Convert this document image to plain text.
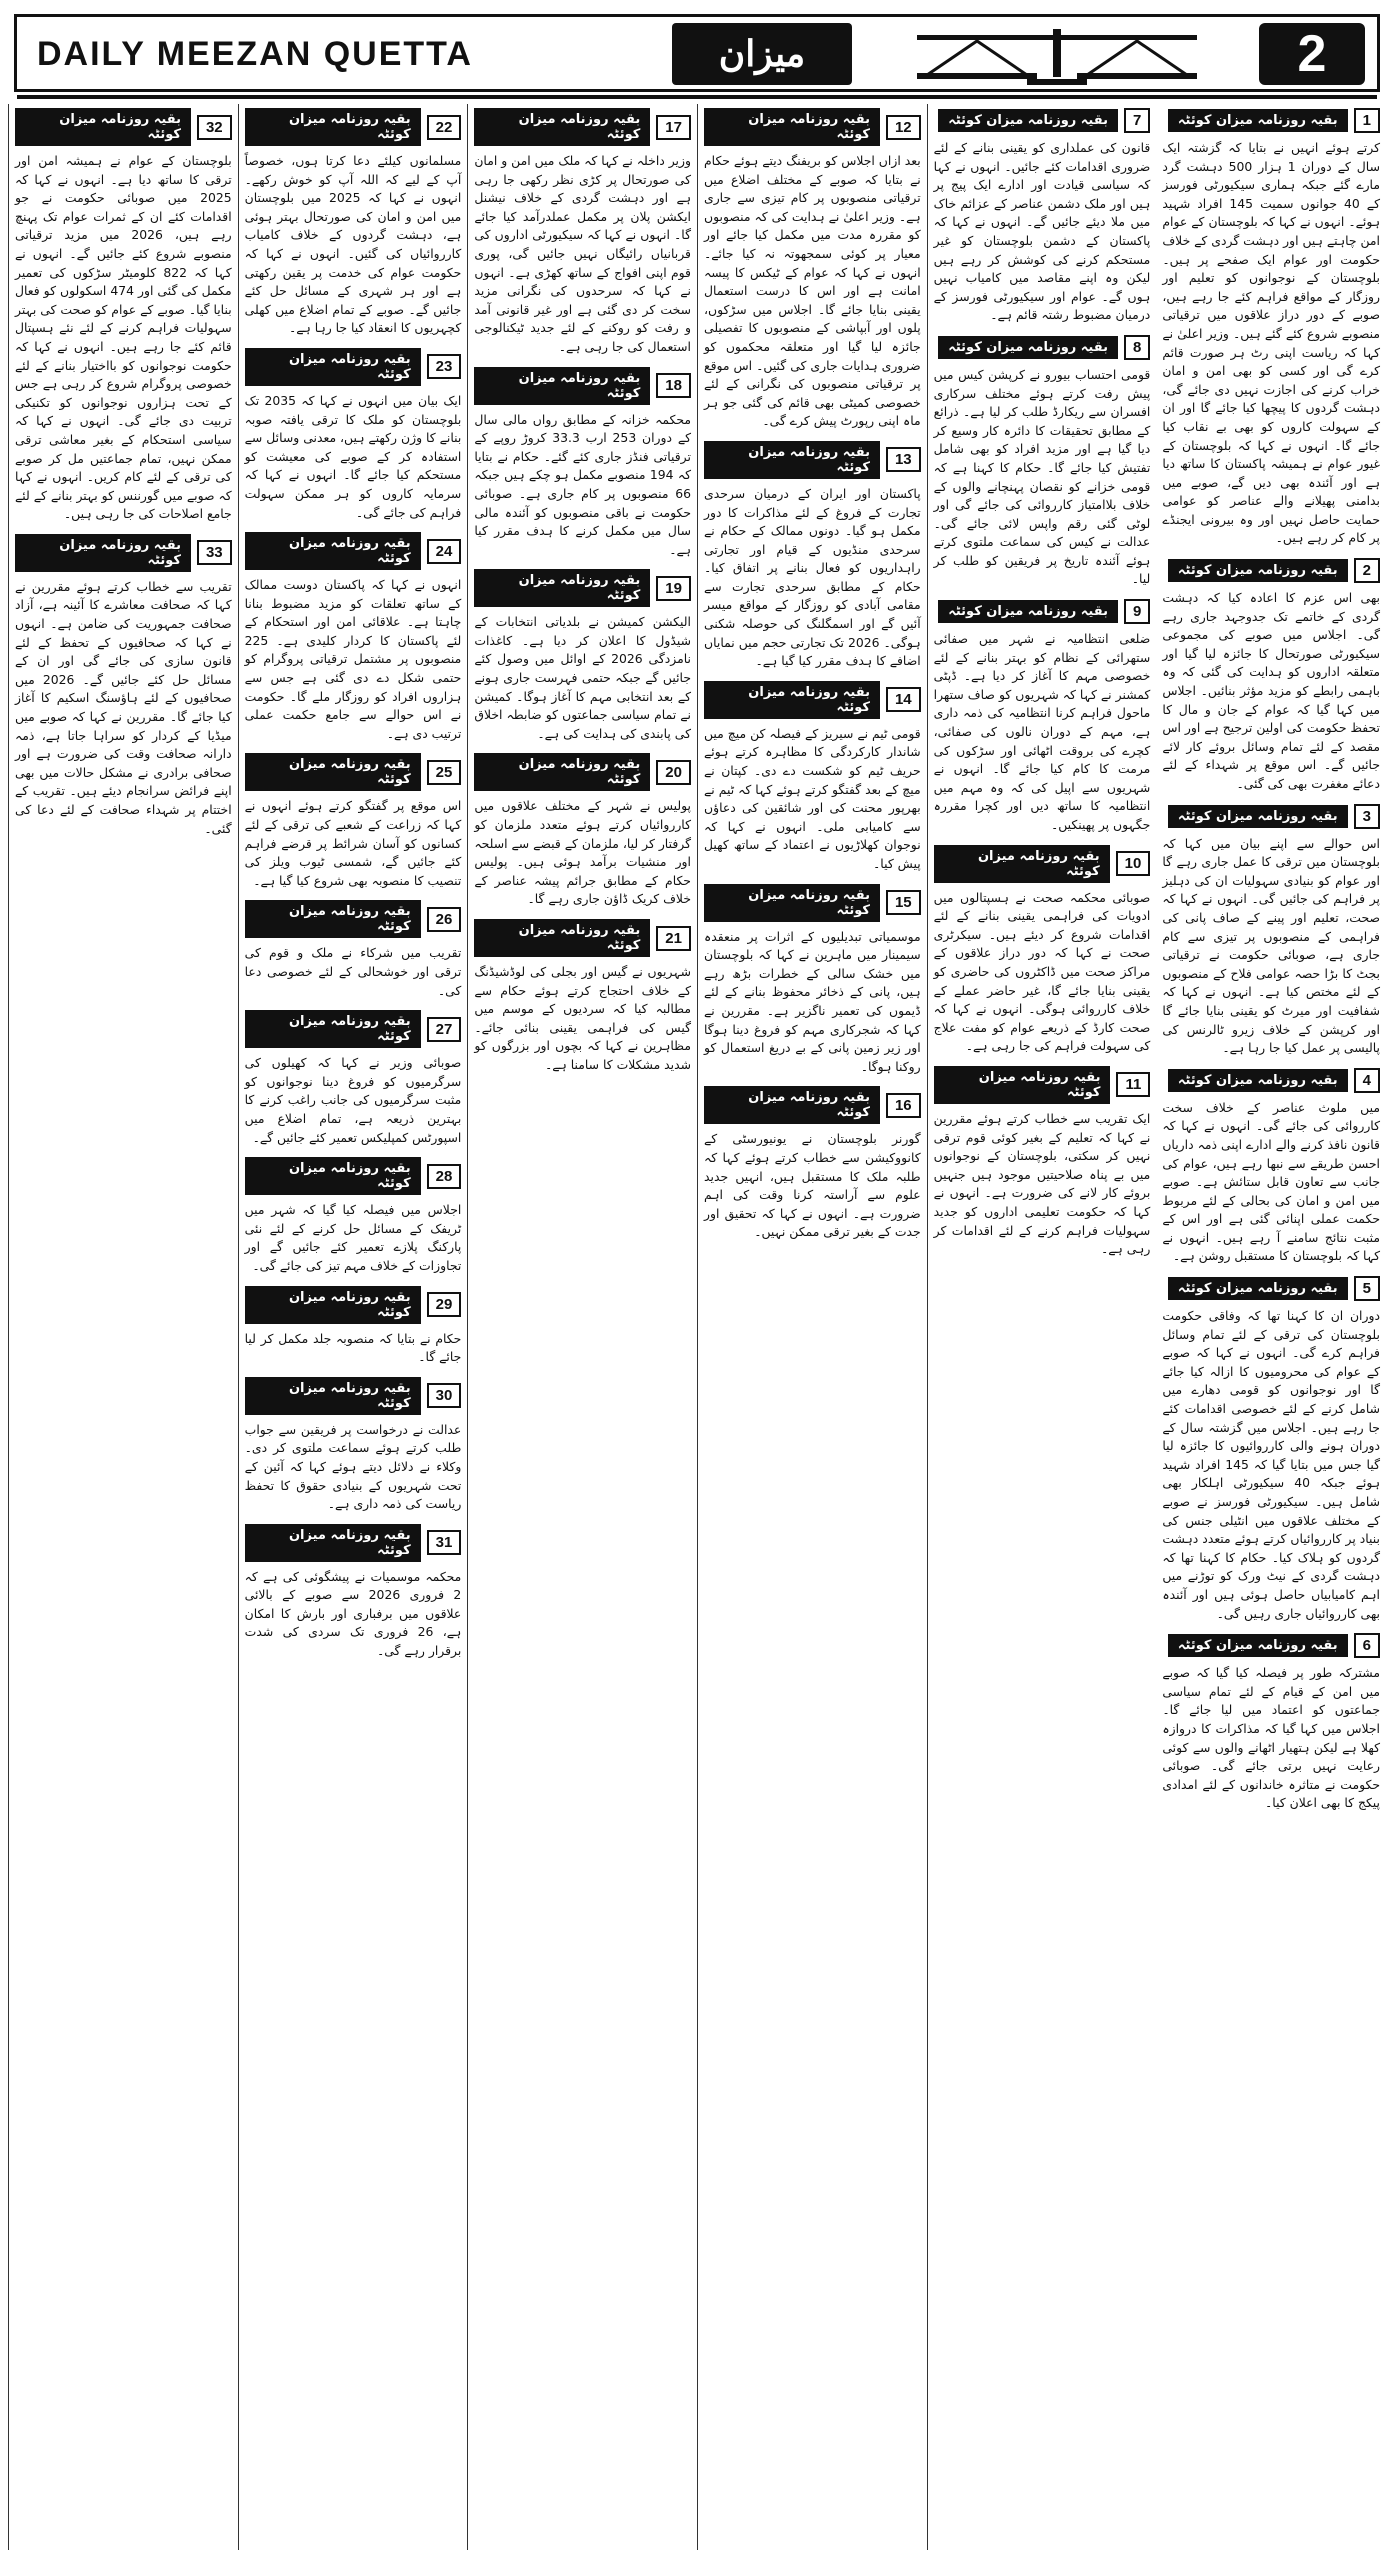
DAILY MEEZAN QUETTA	میزان	2
بقیہ روزنامہ میزان کوئٹہ	1

کرتے ہوئے انہیں نے بتایا کہ گزشتہ ایک سال کے دوران 1 ہزار 500 دہشت گرد مارے گئے جبکہ ہماری سیکیورٹی فورسز کے 40 جوانوں سمیت 145 افراد شہید ہوئے۔ انہوں نے کہا کہ بلوچستان کے عوام امن چاہتے ہیں اور دہشت گردی کے خلاف حکومت اور عوام ایک صفحے پر ہیں۔ بلوچستان کے نوجوانوں کو تعلیم اور روزگار کے مواقع فراہم کئے جا رہے ہیں، صوبے کے دور دراز علاقوں میں ترقیاتی منصوبے شروع کئے گئے ہیں۔ وزیر اعلیٰ نے کہا کہ ریاست اپنی رٹ ہر صورت قائم کرے گی اور کسی کو بھی امن و امان خراب کرنے کی اجازت نہیں دی جائے گی، دہشت گردوں کا پیچھا کیا جائے گا اور ان کے سہولت کاروں کو بھی بے نقاب کیا جائے گا۔ انہوں نے کہا کہ بلوچستان کے غیور عوام نے ہمیشہ پاکستان کا ساتھ دیا ہے اور آئندہ بھی دیں گے، صوبے میں بدامنی پھیلانے والے عناصر کو عوامی حمایت حاصل نہیں اور وہ بیرونی ایجنڈے پر کام کر رہے ہیں۔

بقیہ روزنامہ میزان کوئٹہ	2

بھی اس عزم کا اعادہ کیا کہ دہشت گردی کے خاتمے تک جدوجہد جاری رہے گی۔ اجلاس میں صوبے کی مجموعی سیکیورٹی صورتحال کا جائزہ لیا گیا اور متعلقہ اداروں کو ہدایت کی گئی کہ وہ باہمی رابطے کو مزید مؤثر بنائیں۔ اجلاس میں کہا گیا کہ عوام کے جان و مال کا تحفظ حکومت کی اولین ترجیح ہے اور اس مقصد کے لئے تمام وسائل بروئے کار لائے جائیں گے۔ اس موقع پر شہداء کے لئے دعائے مغفرت بھی کی گئی۔

بقیہ روزنامہ میزان کوئٹہ	3

اس حوالے سے اپنے بیان میں کہا کہ بلوچستان میں ترقی کا عمل جاری رہے گا اور عوام کو بنیادی سہولیات ان کی دہلیز پر فراہم کی جائیں گی۔ انہوں نے کہا کہ صحت، تعلیم اور پینے کے صاف پانی کی فراہمی کے منصوبوں پر تیزی سے کام جاری ہے، صوبائی حکومت نے ترقیاتی بجٹ کا بڑا حصہ عوامی فلاح کے منصوبوں کے لئے مختص کیا ہے۔ انہوں نے کہا کہ شفافیت اور میرٹ کو یقینی بنایا جائے گا اور کرپشن کے خلاف زیرو ٹالرنس کی پالیسی پر عمل کیا جا رہا ہے۔

بقیہ روزنامہ میزان کوئٹہ	4

میں ملوث عناصر کے خلاف سخت کارروائی کی جائے گی۔ انہوں نے کہا کہ قانون نافذ کرنے والے ادارے اپنی ذمہ داریاں احسن طریقے سے نبھا رہے ہیں، عوام کی جانب سے تعاون قابل ستائش ہے۔ صوبے میں امن و امان کی بحالی کے لئے مربوط حکمت عملی اپنائی گئی ہے اور اس کے مثبت نتائج سامنے آ رہے ہیں۔ انہوں نے کہا کہ بلوچستان کا مستقبل روشن ہے۔

بقیہ روزنامہ میزان کوئٹہ	5

دوران ان کا کہنا تھا کہ وفاقی حکومت بلوچستان کی ترقی کے لئے تمام وسائل فراہم کرے گی۔ انہوں نے کہا کہ صوبے کے عوام کی محرومیوں کا ازالہ کیا جائے گا اور نوجوانوں کو قومی دھارے میں شامل کرنے کے لئے خصوصی اقدامات کئے جا رہے ہیں۔ اجلاس میں گزشتہ سال کے دوران ہونے والی کارروائیوں کا جائزہ لیا گیا جس میں بتایا گیا کہ 145 افراد شہید ہوئے جبکہ 40 سیکیورٹی اہلکار بھی شامل ہیں۔ سیکیورٹی فورسز نے صوبے کے مختلف علاقوں میں انٹیلی جنس کی بنیاد پر کارروائیاں کرتے ہوئے متعدد دہشت گردوں کو ہلاک کیا۔ حکام کا کہنا تھا کہ دہشت گردی کے نیٹ ورک کو توڑنے میں اہم کامیابیاں حاصل ہوئی ہیں اور آئندہ بھی کارروائیاں جاری رہیں گی۔

بقیہ روزنامہ میزان کوئٹہ	6

مشترکہ طور پر فیصلہ کیا گیا کہ صوبے میں امن کے قیام کے لئے تمام سیاسی جماعتوں کو اعتماد میں لیا جائے گا۔ اجلاس میں کہا گیا کہ مذاکرات کا دروازہ کھلا ہے لیکن ہتھیار اٹھانے والوں سے کوئی رعایت نہیں برتی جائے گی۔ صوبائی حکومت نے متاثرہ خاندانوں کے لئے امدادی پیکج کا بھی اعلان کیا۔

بقیہ روزنامہ میزان کوئٹہ	7

قانون کی عملداری کو یقینی بنانے کے لئے ضروری اقدامات کئے جائیں۔ انہوں نے کہا کہ سیاسی قیادت اور ادارے ایک پیج پر ہیں اور ملک دشمن عناصر کے عزائم خاک میں ملا دیئے جائیں گے۔ انہوں نے کہا کہ پاکستان کے دشمن بلوچستان کو غیر مستحکم کرنے کی کوشش کر رہے ہیں لیکن وہ اپنے مقاصد میں کامیاب نہیں ہوں گے۔ عوام اور سیکیورٹی فورسز کے درمیان مضبوط رشتہ قائم ہے۔

بقیہ روزنامہ میزان کوئٹہ	8

قومی احتساب بیورو نے کرپشن کیس میں پیش رفت کرتے ہوئے مختلف سرکاری افسران سے ریکارڈ طلب کر لیا ہے۔ ذرائع کے مطابق تحقیقات کا دائرہ کار وسیع کر دیا گیا ہے اور مزید افراد کو بھی شامل تفتیش کیا جائے گا۔ حکام کا کہنا ہے کہ قومی خزانے کو نقصان پہنچانے والوں کے خلاف بلاامتیاز کارروائی کی جائے گی اور لوٹی گئی رقم واپس لائی جائے گی۔ عدالت نے کیس کی سماعت ملتوی کرتے ہوئے آئندہ تاریخ پر فریقین کو طلب کر لیا۔

بقیہ روزنامہ میزان کوئٹہ	9

ضلعی انتظامیہ نے شہر میں صفائی ستھرائی کے نظام کو بہتر بنانے کے لئے خصوصی مہم کا آغاز کر دیا ہے۔ ڈپٹی کمشنر نے کہا کہ شہریوں کو صاف ستھرا ماحول فراہم کرنا انتظامیہ کی ذمہ داری ہے، مہم کے دوران نالوں کی صفائی، کچرے کی بروقت اٹھائی اور سڑکوں کی مرمت کا کام کیا جائے گا۔ انہوں نے شہریوں سے اپیل کی کہ وہ مہم میں انتظامیہ کا ساتھ دیں اور کچرا مقررہ جگہوں پر پھینکیں۔

بقیہ روزنامہ میزان کوئٹہ	10

صوبائی محکمہ صحت نے ہسپتالوں میں ادویات کی فراہمی یقینی بنانے کے لئے اقدامات شروع کر دیئے ہیں۔ سیکرٹری صحت نے کہا کہ دور دراز علاقوں کے مراکز صحت میں ڈاکٹروں کی حاضری کو یقینی بنایا جائے گا، غیر حاضر عملے کے خلاف کارروائی ہوگی۔ انہوں نے کہا کہ صحت کارڈ کے ذریعے عوام کو مفت علاج کی سہولت فراہم کی جا رہی ہے۔

بقیہ روزنامہ میزان کوئٹہ	11

ایک تقریب سے خطاب کرتے ہوئے مقررین نے کہا کہ تعلیم کے بغیر کوئی قوم ترقی نہیں کر سکتی، بلوچستان کے نوجوانوں میں بے پناہ صلاحیتیں موجود ہیں جنہیں بروئے کار لانے کی ضرورت ہے۔ انہوں نے کہا کہ حکومت تعلیمی اداروں کو جدید سہولیات فراہم کرنے کے لئے اقدامات کر رہی ہے۔

بقیہ روزنامہ میزان کوئٹہ	12

بعد ازاں اجلاس کو بریفنگ دیتے ہوئے حکام نے بتایا کہ صوبے کے مختلف اضلاع میں ترقیاتی منصوبوں پر کام تیزی سے جاری ہے۔ وزیر اعلیٰ نے ہدایت کی کہ منصوبوں کو مقررہ مدت میں مکمل کیا جائے اور معیار پر کوئی سمجھوتہ نہ کیا جائے۔ انہوں نے کہا کہ عوام کے ٹیکس کا پیسہ امانت ہے اور اس کا درست استعمال یقینی بنایا جائے گا۔ اجلاس میں سڑکوں، پلوں اور آبپاشی کے منصوبوں کا تفصیلی جائزہ لیا گیا اور متعلقہ محکموں کو ضروری ہدایات جاری کی گئیں۔ اس موقع پر ترقیاتی منصوبوں کی نگرانی کے لئے خصوصی کمیٹی بھی قائم کی گئی جو ہر ماہ اپنی رپورٹ پیش کرے گی۔

بقیہ روزنامہ میزان کوئٹہ	13

پاکستان اور ایران کے درمیان سرحدی تجارت کے فروغ کے لئے مذاکرات کا دور مکمل ہو گیا۔ دونوں ممالک کے حکام نے سرحدی منڈیوں کے قیام اور تجارتی راہداریوں کو فعال بنانے پر اتفاق کیا۔ حکام کے مطابق سرحدی تجارت سے مقامی آبادی کو روزگار کے مواقع میسر آئیں گے اور اسمگلنگ کی حوصلہ شکنی ہوگی۔ 2026 تک تجارتی حجم میں نمایاں اضافے کا ہدف مقرر کیا گیا ہے۔

بقیہ روزنامہ میزان کوئٹہ	14

قومی ٹیم نے سیریز کے فیصلہ کن میچ میں شاندار کارکردگی کا مظاہرہ کرتے ہوئے حریف ٹیم کو شکست دے دی۔ کپتان نے میچ کے بعد گفتگو کرتے ہوئے کہا کہ ٹیم نے بھرپور محنت کی اور شائقین کی دعاؤں سے کامیابی ملی۔ انہوں نے کہا کہ نوجوان کھلاڑیوں نے اعتماد کے ساتھ کھیل پیش کیا۔

بقیہ روزنامہ میزان کوئٹہ	15

موسمیاتی تبدیلیوں کے اثرات پر منعقدہ سیمینار میں ماہرین نے کہا کہ بلوچستان میں خشک سالی کے خطرات بڑھ رہے ہیں، پانی کے ذخائر محفوظ بنانے کے لئے ڈیموں کی تعمیر ناگزیر ہے۔ مقررین نے کہا کہ شجرکاری مہم کو فروغ دینا ہوگا اور زیر زمین پانی کے بے دریغ استعمال کو روکنا ہوگا۔

بقیہ روزنامہ میزان کوئٹہ	16

گورنر بلوچستان نے یونیورسٹی کے کانووکیشن سے خطاب کرتے ہوئے کہا کہ طلبہ ملک کا مستقبل ہیں، انہیں جدید علوم سے آراستہ کرنا وقت کی اہم ضرورت ہے۔ انہوں نے کہا کہ تحقیق اور جدت کے بغیر ترقی ممکن نہیں۔

بقیہ روزنامہ میزان کوئٹہ	17

وزیر داخلہ نے کہا کہ ملک میں امن و امان کی صورتحال پر کڑی نظر رکھی جا رہی ہے اور دہشت گردی کے خلاف نیشنل ایکشن پلان پر مکمل عملدرآمد کیا جائے گا۔ انہوں نے کہا کہ سیکیورٹی اداروں کی قربانیاں رائیگاں نہیں جائیں گی، پوری قوم اپنی افواج کے ساتھ کھڑی ہے۔ انہوں نے کہا کہ سرحدوں کی نگرانی مزید سخت کر دی گئی ہے اور غیر قانونی آمد و رفت کو روکنے کے لئے جدید ٹیکنالوجی استعمال کی جا رہی ہے۔

بقیہ روزنامہ میزان کوئٹہ	18

محکمہ خزانہ کے مطابق رواں مالی سال کے دوران 253 ارب 33.3 کروڑ روپے کے ترقیاتی فنڈز جاری کئے گئے۔ حکام نے بتایا کہ 194 منصوبے مکمل ہو چکے ہیں جبکہ 66 منصوبوں پر کام جاری ہے۔ صوبائی حکومت نے باقی منصوبوں کو آئندہ مالی سال میں مکمل کرنے کا ہدف مقرر کیا ہے۔

بقیہ روزنامہ میزان کوئٹہ	19

الیکشن کمیشن نے بلدیاتی انتخابات کے شیڈول کا اعلان کر دیا ہے۔ کاغذات نامزدگی 2026 کے اوائل میں وصول کئے جائیں گے جبکہ حتمی فہرست جاری ہونے کے بعد انتخابی مہم کا آغاز ہوگا۔ کمیشن نے تمام سیاسی جماعتوں کو ضابطہ اخلاق کی پابندی کی ہدایت کی ہے۔

بقیہ روزنامہ میزان کوئٹہ	20

پولیس نے شہر کے مختلف علاقوں میں کارروائیاں کرتے ہوئے متعدد ملزمان کو گرفتار کر لیا، ملزمان کے قبضے سے اسلحہ اور منشیات برآمد ہوئی ہیں۔ پولیس حکام کے مطابق جرائم پیشہ عناصر کے خلاف کریک ڈاؤن جاری رہے گا۔

بقیہ روزنامہ میزان کوئٹہ	21

شہریوں نے گیس اور بجلی کی لوڈشیڈنگ کے خلاف احتجاج کرتے ہوئے حکام سے مطالبہ کیا کہ سردیوں کے موسم میں گیس کی فراہمی یقینی بنائی جائے۔ مظاہرین نے کہا کہ بچوں اور بزرگوں کو شدید مشکلات کا سامنا ہے۔

بقیہ روزنامہ میزان کوئٹہ	22

مسلمانوں کیلئے دعا کرتا ہوں، خصوصاً آپ کے لیے کہ اللہ آپ کو خوش رکھے۔ انہوں نے کہا کہ 2025 میں بلوچستان میں امن و امان کی صورتحال بہتر ہوئی ہے، دہشت گردوں کے خلاف کامیاب کارروائیاں کی گئیں۔ انہوں نے کہا کہ حکومت عوام کی خدمت پر یقین رکھتی ہے اور ہر شہری کے مسائل حل کئے جائیں گے۔ صوبے کے تمام اضلاع میں کھلی کچہریوں کا انعقاد کیا جا رہا ہے۔

بقیہ روزنامہ میزان کوئٹہ	23

ایک بیان میں انہوں نے کہا کہ 2035 تک بلوچستان کو ملک کا ترقی یافتہ صوبہ بنانے کا وژن رکھتے ہیں، معدنی وسائل سے استفادہ کر کے صوبے کی معیشت کو مستحکم کیا جائے گا۔ انہوں نے کہا کہ سرمایہ کاروں کو ہر ممکن سہولت فراہم کی جائے گی۔

بقیہ روزنامہ میزان کوئٹہ	24

انہوں نے کہا کہ پاکستان دوست ممالک کے ساتھ تعلقات کو مزید مضبوط بنانا چاہتا ہے۔ علاقائی امن اور استحکام کے لئے پاکستان کا کردار کلیدی ہے۔ 225 منصوبوں پر مشتمل ترقیاتی پروگرام کو حتمی شکل دے دی گئی ہے جس سے ہزاروں افراد کو روزگار ملے گا۔ حکومت نے اس حوالے سے جامع حکمت عملی ترتیب دی ہے۔

بقیہ روزنامہ میزان کوئٹہ	25

اس موقع پر گفتگو کرتے ہوئے انہوں نے کہا کہ زراعت کے شعبے کی ترقی کے لئے کسانوں کو آسان شرائط پر قرضے فراہم کئے جائیں گے، شمسی ٹیوب ویلز کی تنصیب کا منصوبہ بھی شروع کیا گیا ہے۔

بقیہ روزنامہ میزان کوئٹہ	26

تقریب میں شرکاء نے ملک و قوم کی ترقی اور خوشحالی کے لئے خصوصی دعا کی۔

بقیہ روزنامہ میزان کوئٹہ	27

صوبائی وزیر نے کہا کہ کھیلوں کی سرگرمیوں کو فروغ دینا نوجوانوں کو مثبت سرگرمیوں کی جانب راغب کرنے کا بہترین ذریعہ ہے، تمام اضلاع میں اسپورٹس کمپلیکس تعمیر کئے جائیں گے۔

بقیہ روزنامہ میزان کوئٹہ	28

اجلاس میں فیصلہ کیا گیا کہ شہر میں ٹریفک کے مسائل حل کرنے کے لئے نئی پارکنگ پلازے تعمیر کئے جائیں گے اور تجاوزات کے خلاف مہم تیز کی جائے گی۔

بقیہ روزنامہ میزان کوئٹہ	29

حکام نے بتایا کہ منصوبہ جلد مکمل کر لیا جائے گا۔

بقیہ روزنامہ میزان کوئٹہ	30

عدالت نے درخواست پر فریقین سے جواب طلب کرتے ہوئے سماعت ملتوی کر دی۔ وکلاء نے دلائل دیتے ہوئے کہا کہ آئین کے تحت شہریوں کے بنیادی حقوق کا تحفظ ریاست کی ذمہ داری ہے۔

بقیہ روزنامہ میزان کوئٹہ	31

محکمہ موسمیات نے پیشگوئی کی ہے کہ 2 فروری 2026 سے صوبے کے بالائی علاقوں میں برفباری اور بارش کا امکان ہے، 26 فروری تک سردی کی شدت برقرار رہے گی۔

بقیہ روزنامہ میزان کوئٹہ	32

بلوچستان کے عوام نے ہمیشہ امن اور ترقی کا ساتھ دیا ہے۔ انہوں نے کہا کہ 2025 میں صوبائی حکومت نے جو اقدامات کئے ان کے ثمرات عوام تک پہنچ رہے ہیں، 2026 میں مزید ترقیاتی منصوبے شروع کئے جائیں گے۔ انہوں نے کہا کہ 822 کلومیٹر سڑکوں کی تعمیر مکمل کی گئی اور 474 اسکولوں کو فعال بنایا گیا۔ صوبے کے عوام کو صحت کی بہتر سہولیات فراہم کرنے کے لئے نئے ہسپتال قائم کئے جا رہے ہیں۔ انہوں نے کہا کہ حکومت نوجوانوں کو بااختیار بنانے کے لئے خصوصی پروگرام شروع کر رہی ہے جس کے تحت ہزاروں نوجوانوں کو تکنیکی تربیت دی جائے گی۔ انہوں نے کہا کہ سیاسی استحکام کے بغیر معاشی ترقی ممکن نہیں، تمام جماعتیں مل کر صوبے کی ترقی کے لئے کام کریں۔ انہوں نے کہا کہ صوبے میں گورننس کو بہتر بنانے کے لئے جامع اصلاحات کی جا رہی ہیں۔

بقیہ روزنامہ میزان کوئٹہ	33

تقریب سے خطاب کرتے ہوئے مقررین نے کہا کہ صحافت معاشرے کا آئینہ ہے، آزاد صحافت جمہوریت کی ضامن ہے۔ انہوں نے کہا کہ صحافیوں کے تحفظ کے لئے قانون سازی کی جائے گی اور ان کے مسائل حل کئے جائیں گے۔ 2026 میں صحافیوں کے لئے ہاؤسنگ اسکیم کا آغاز کیا جائے گا۔ مقررین نے کہا کہ صوبے میں میڈیا کے کردار کو سراہا جاتا ہے، ذمہ دارانہ صحافت وقت کی ضرورت ہے اور صحافی برادری نے مشکل حالات میں بھی اپنے فرائض سرانجام دیئے ہیں۔ تقریب کے اختتام پر شہداء صحافت کے لئے دعا کی گئی۔
